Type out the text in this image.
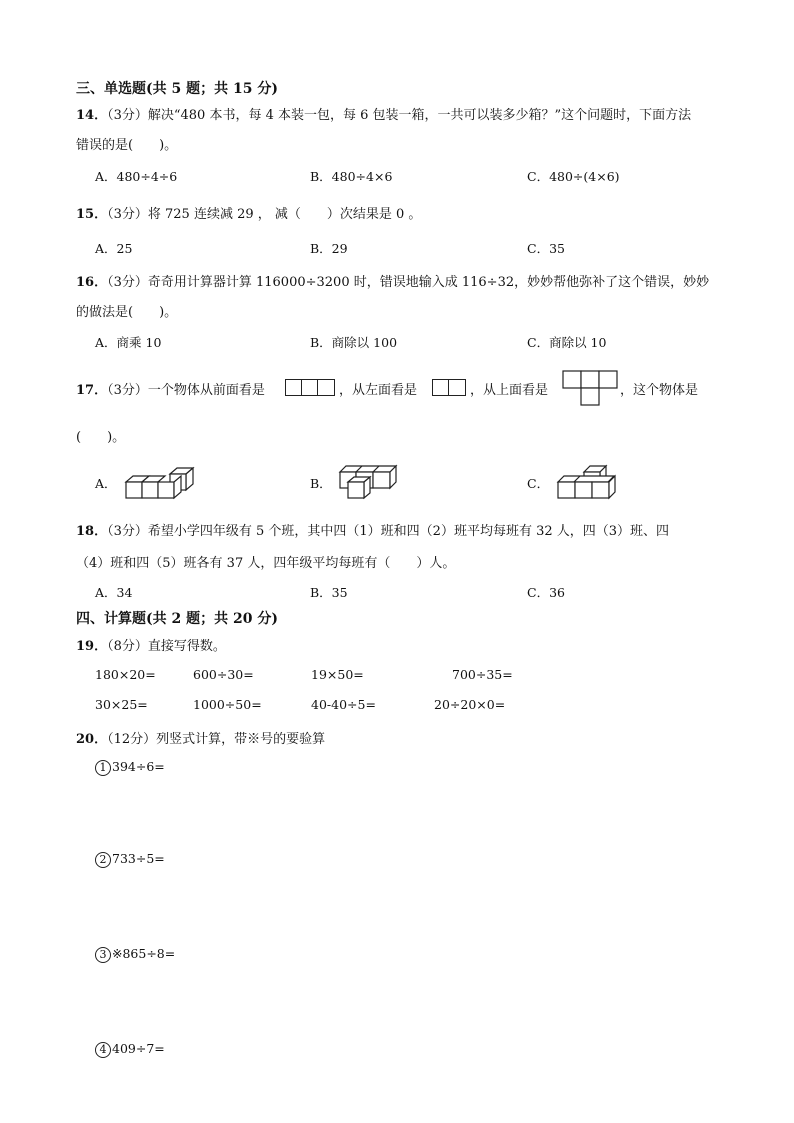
三、单选题(共 5 题；共 15 分)
14．（3分）解决“480 本书，每 4 本装一包，每 6 包装一箱，一共可以装多少箱？”这个问题时，下面方法
错误的是(　　)。
A．480÷4÷6	B．480÷4×6	C．480÷(4×6)
15．（3分）将 725 连续减 29 ， 减（　　）次结果是 0 。
A．25	B．29	C．35
16．（3分）奇奇用计算器计算 116000÷3200 时，错误地输入成 116÷32，妙妙帮他弥补了这个错误，妙妙
的做法是(　　)。
A．商乘 10	B．商除以 100	C．商除以 10
17．（3分）一个物体从前面看是	，从左面看是	，从上面看是	，这个物体是
(　　)。
A．	B．	C．
18．（3分）希望小学四年级有 5 个班，其中四（1）班和四（2）班平均每班有 32 人，四（3）班、四
（4）班和四（5）班各有 37 人，四年级平均每班有（　　）人。
A．34	B．35	C．36
四、计算题(共 2 题；共 20 分)
19．（8分）直接写得数。
180×20=	600÷30=	19×50=	700÷35=
30×25=	1000÷50=	40-40÷5=	20÷20×0=
20．（12分）列竖式计算，带※号的要验算
1 394÷6=
2 733÷5=
3 ※865÷8=
4 409÷7=
